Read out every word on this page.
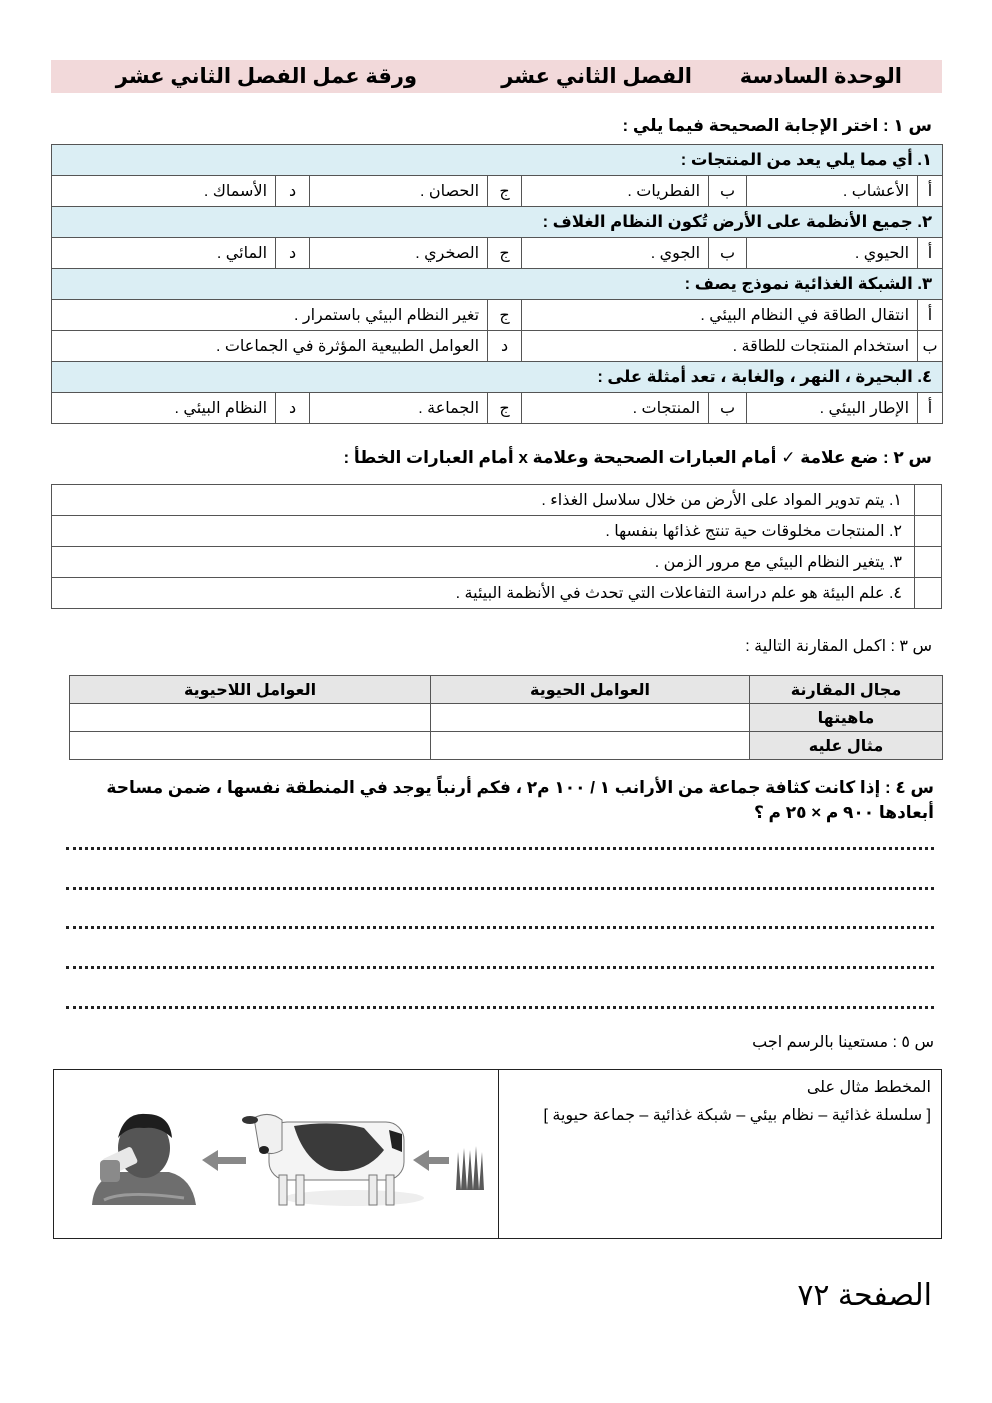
الوحدة السادسة
الفصل الثاني عشر
ورقة عمل الفصل الثاني عشر
س ١ : اختر الإجابة الصحيحة فيما يلي :
١. أي مما يلي يعد من المنتجات :							
أ	الأعشاب .	ب	الفطريات .	ج	الحصان .	د	الأسماك .
٢. جميع الأنظمة على الأرض تُكون النظام الغلاف :							
أ	الحيوي .	ب	الجوي .	ج	الصخري .	د	المائي .
٣. الشبكة الغذائية نموذج يصف :							
أ	انتقال الطاقة في النظام البيئي .			ج	تغير النظام البيئي باستمرار .		
ب	استخدام المنتجات للطاقة .			د	العوامل الطبيعية المؤثرة في الجماعات .		
٤. البحيرة ، النهر ، والغابة ، تعد أمثلة على :							
أ	الإطار البيئي .	ب	المنتجات .	ج	الجماعة .	د	النظام البيئي .
س ٢ : ضع علامة ✓ أمام العبارات الصحيحة وعلامة x أمام العبارات الخطأ :
	١. يتم تدوير المواد على الأرض من خلال سلاسل الغذاء .
	٢. المنتجات مخلوقات حية تنتج غذائها بنفسها .
	٣. يتغير النظام البيئي مع مرور الزمن .
	٤. علم البيئة هو علم دراسة التفاعلات التي تحدث في الأنظمة البيئية .
س ٣ : اكمل المقارنة التالية :
مجال المقارنة	العوامل الحيوية	العوامل اللاحيوية
ماهيتها		
مثال عليه		
س ٤ : إذا كانت كثافة جماعة من الأرانب ١ / ١٠٠ م٢ ، فكم أرنباً يوجد في المنطقة نفسها ، ضمن مساحة أبعادها ٩٠٠ م × ٢٥ م ؟
س ٥ : مستعينا بالرسم اجب
المخطط مثال على
[ سلسلة غذائية – نظام بيئي – شبكة غذائية – جماعة حيوية ]
الصفحة ٧٢
